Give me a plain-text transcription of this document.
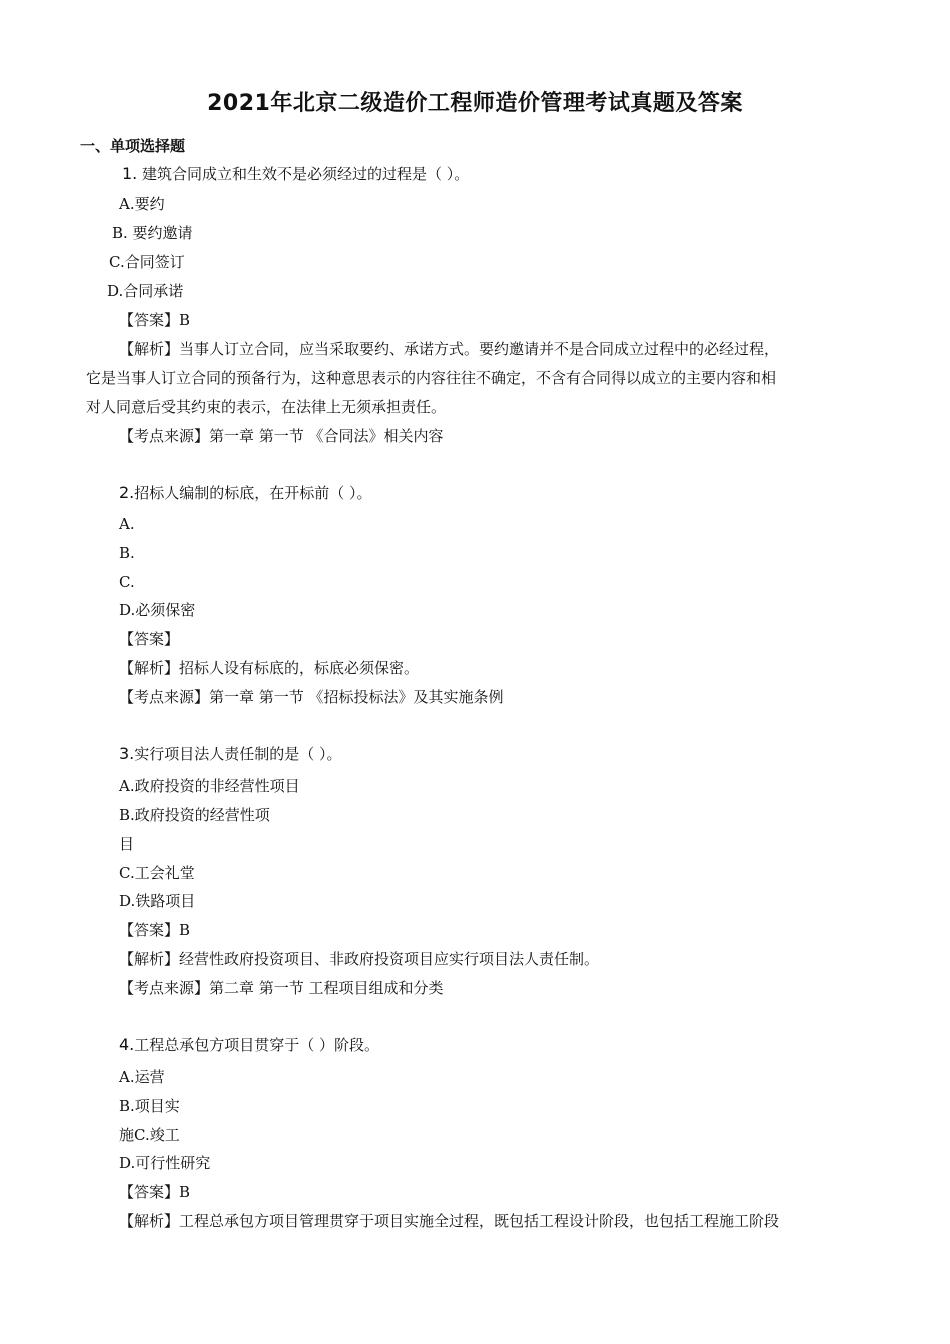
2021年北京二级造价工程师造价管理考试真题及答案

一、单项选择题

1. 建筑合同成立和生效不是必须经过的过程是（ ）。

A.要约

B. 要约邀请

C.合同签订

D.合同承诺

【答案】B

【解析】当事人订立合同，应当采取要约、承诺方式。要约邀请并不是合同成立过程中的必经过程，

它是当事人订立合同的预备行为，这种意思表示的内容往往不确定，不含有合同得以成立的主要内容和相

对人同意后受其约束的表示，在法律上无须承担责任。

【考点来源】第一章 第一节 《合同法》相关内容

2.招标人编制的标底，在开标前（ ）。

A.

B.

C.

D.必须保密

【答案】

【解析】招标人设有标底的，标底必须保密。

【考点来源】第一章 第一节 《招标投标法》及其实施条例

3.实行项目法人责任制的是（ ）。

A.政府投资的非经营性项目

B.政府投资的经营性项

目

C.工会礼堂

D.铁路项目

【答案】B

【解析】经营性政府投资项目、非政府投资项目应实行项目法人责任制。

【考点来源】第二章 第一节 工程项目组成和分类

4.工程总承包方项目贯穿于（ ）阶段。

A.运营

B.项目实

施C.竣工

D.可行性研究

【答案】B

【解析】工程总承包方项目管理贯穿于项目实施全过程，既包括工程设计阶段，也包括工程施工阶段
